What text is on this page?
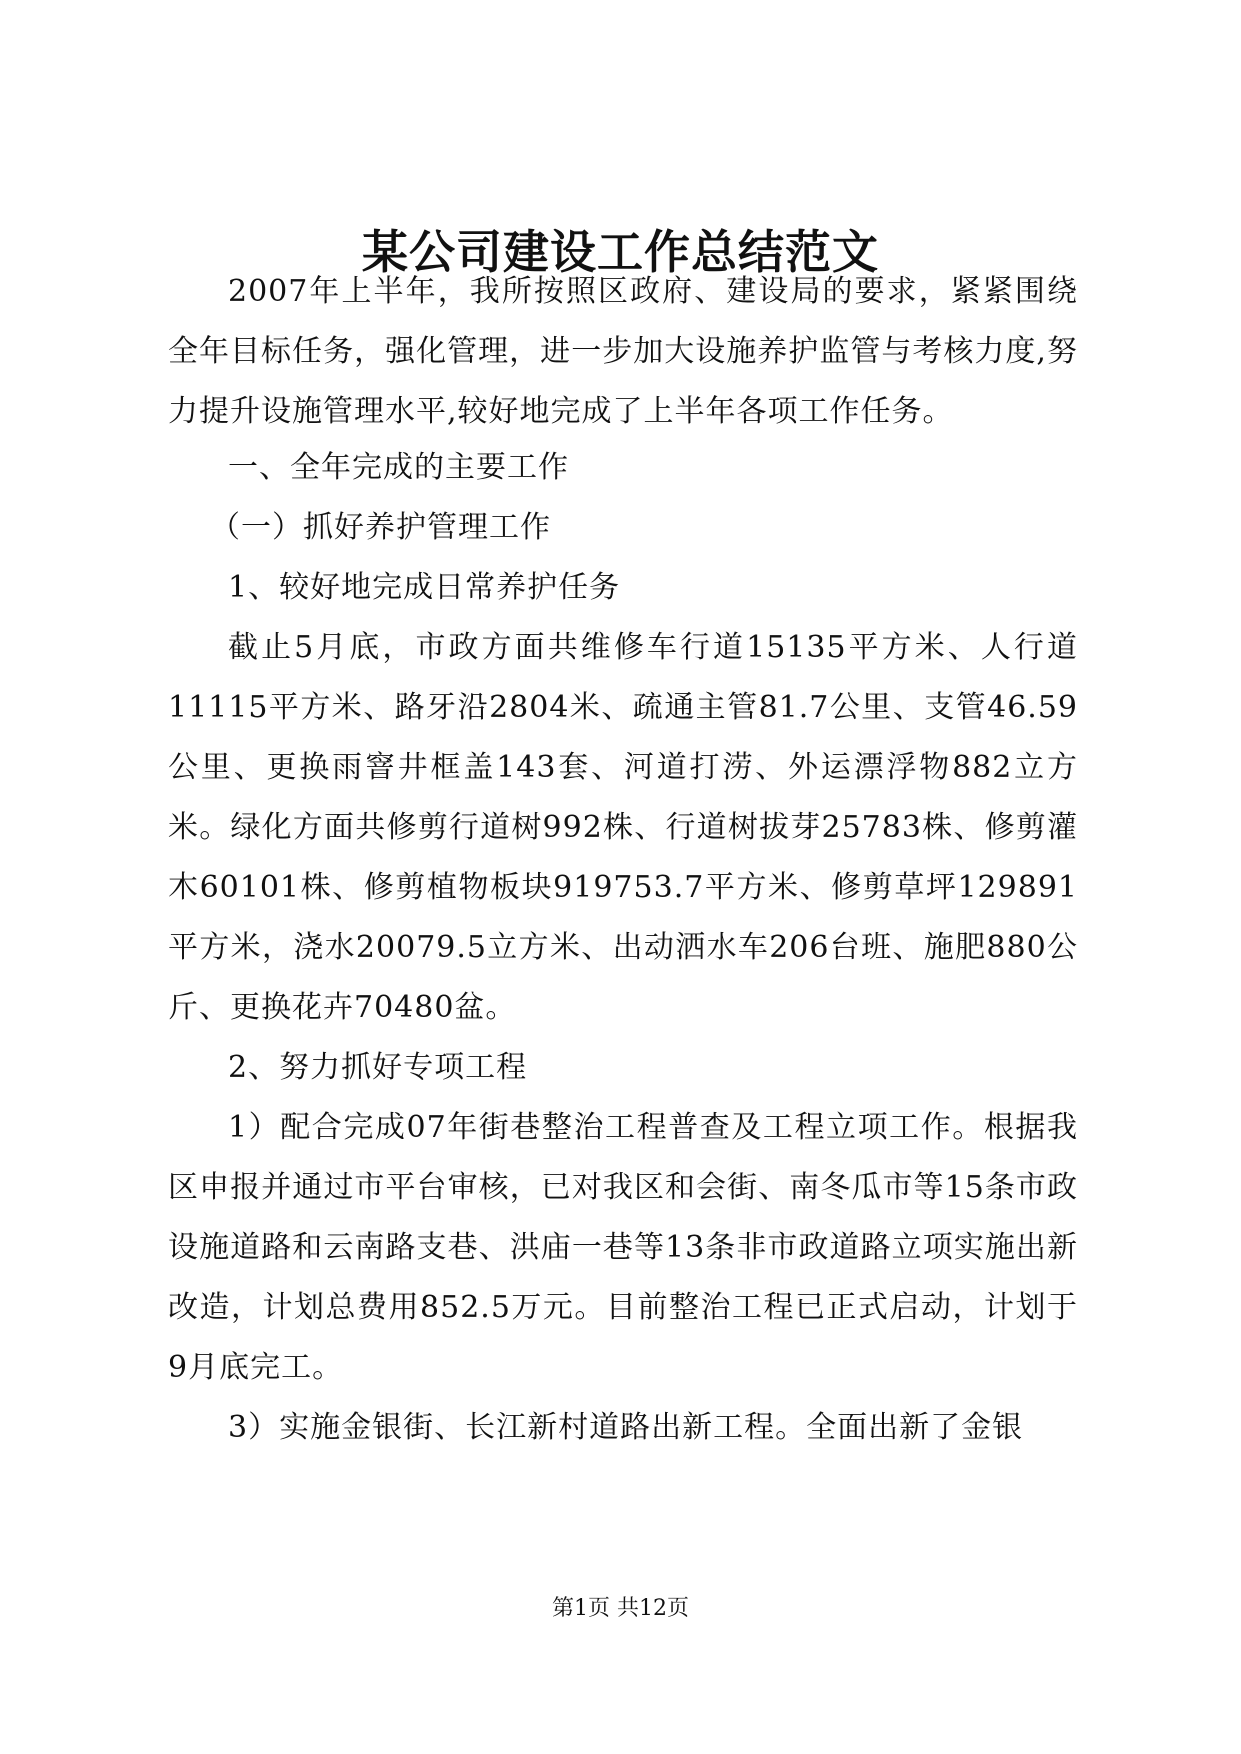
某公司建设工作总结范文

2007年上半年，我所按照区政府、建设局的要求，紧紧围绕全年目标任务，强化管理，进一步加大设施养护监管与考核力度,努力提升设施管理水平,较好地完成了上半年各项工作任务。

一、全年完成的主要工作

（一）抓好养护管理工作

1、较好地完成日常养护任务

截止5月底，市政方面共维修车行道15135平方米、人行道11115平方米、路牙沿2804米、疏通主管81.7公里、支管46.59公里、更换雨窨井框盖143套、河道打涝、外运漂浮物882立方米。绿化方面共修剪行道树992株、行道树拔芽25783株、修剪灌木60101株、修剪植物板块919753.7平方米、修剪草坪129891平方米，浇水20079.5立方米、出动洒水车206台班、施肥880公斤、更换花卉70480盆。

2、努力抓好专项工程

1）配合完成07年街巷整治工程普查及工程立项工作。根据我区申报并通过市平台审核，已对我区和会街、南冬瓜市等15条市政设施道路和云南路支巷、洪庙一巷等13条非市政道路立项实施出新改造，计划总费用852.5万元。目前整治工程已正式启动，计划于9月底完工。

3）实施金银街、长江新村道路出新工程。全面出新了金银

第1页 共12页
